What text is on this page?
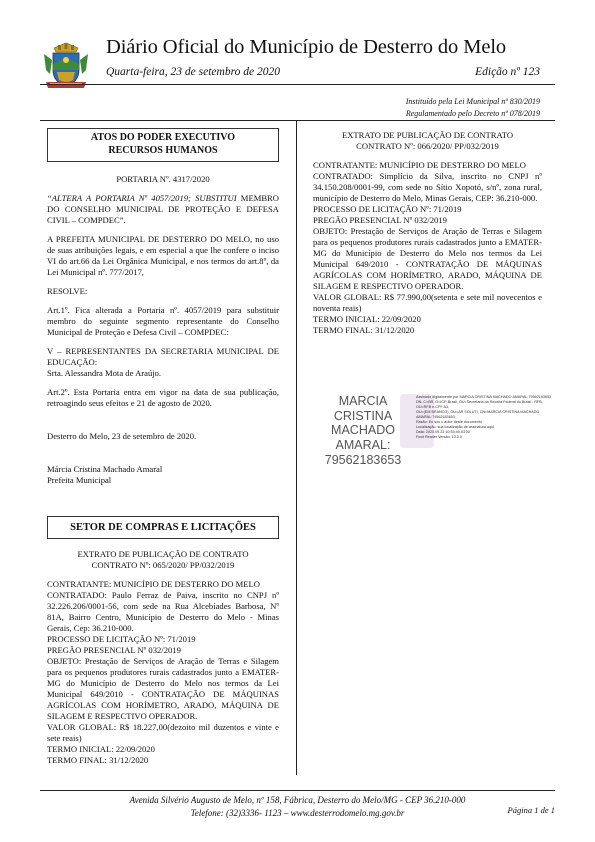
Diário Oficial do Município de Desterro do Melo
Quarta-feira, 23 de setembro de 2020	Edição nº 123
Instituído pela Lei Municipal nº 830/2019
Regulamentado pelo Decreto nº 078/2019
ATOS DO PODER EXECUTIVO
RECURSOS HUMANOS

PORTARIA Nº. 4317/2020

“ALTERA A PORTARIA Nº 4057/2019; SUBSTITUI MEMBRO DO CONSELHO MUNICIPAL DE PROTEÇÃO E DEFESA CIVIL – COMPDEC”.

A PREFEITA MUNICIPAL DE DESTERRO DO MELO, no uso de suas atribuições legais, e em especial a que lhe confere o inciso VI do art.66 da Lei Orgânica Municipal, e nos termos do art.8º, da Lei Municipal nº. 777/2017,

RESOLVE:

Art.1º. Fica alterada a Portaria nº. 4057/2019 para substituir membro do seguinte segmento representante do Conselho Municipal de Proteção e Defesa Civil – COMPDEC:

V – REPRESENTANTES DA SECRETARIA MUNICIPAL DE EDUCAÇÃO:

Srta. Alessandra Mota de Araújo.

Art.2º. Esta Portaria entra em vigor na data de sua publicação, retroagindo seus efeitos e 21 de agosto de 2020.

Desterro do Melo, 23 de setembro de 2020.

Márcia Cristina Machado Amaral

Prefeita Municipal

SETOR DE COMPRAS E LICITAÇÕES

EXTRATO DE PUBLICAÇÃO DE CONTRATO

CONTRATO Nº: 065/2020/ PP/032/2019

CONTRATANTE: MUNICÍPIO DE DESTERRO DO MELO

CONTRATADO: Paulo Ferraz de Paiva, inscrito no CNPJ nº 32.226.206/0001-56, com sede na Rua Alcebíades Barbosa, Nº 81A, Bairro Centro, Município de Desterro do Melo - Minas Gerais, Cep: 36.210-000.

PROCESSO DE LICITAÇÃO Nº: 71/2019

PREGÃO PRESENCIAL Nº 032/2019

OBJETO: Prestação de Serviços de Aração de Terras e Silagem para os pequenos produtores rurais cadastrados junto a EMATER-MG do Município de Desterro do Melo nos termos da Lei Municipal 649/2010 - CONTRATAÇÃO DE MÁQUINAS AGRÍCOLAS COM HORÍMETRO, ARADO, MÁQUINA DE SILAGEM E RESPECTIVO OPERADOR.

VALOR GLOBAL: R$ 18.227,00(dezoito mil duzentos e vinte e sete reais)

TERMO INICIAL: 22/09/2020

TERMO FINAL: 31/12/2020

EXTRATO DE PUBLICAÇÃO DE CONTRATO

CONTRATO Nº: 066/2020/ PP/032/2019

CONTRATANTE: MUNICÍPIO DE DESTERRO DO MELO

CONTRATADO: Simplício da Silva, inscrito no CNPJ nº 34.150.208/0001-99, com sede no Sítio Xopotó, s/nº, zona rural, município de Desterro do Melo, Minas Gerais, CEP: 36.210-000.

PROCESSO DE LICITAÇÃO Nº: 71/2019

PREGÃO PRESENCIAL Nº 032/2019

OBJETO: Prestação de Serviços de Aração de Terras e Silagem para os pequenos produtores rurais cadastrados junto a EMATER-MG do Município de Desterro do Melo nos termos da Lei Municipal 649/2010 - CONTRATAÇÃO DE MÁQUINAS AGRÍCOLAS COM HORÍMETRO, ARADO, MÁQUINA DE SILAGEM E RESPECTIVO OPERADOR.

VALOR GLOBAL: R$ 77.990,00(setenta e sete mil novecentos e noventa reais)

TERMO INICIAL: 22/09/2020

TERMO FINAL: 31/12/2020

MARCIA CRISTINA
MACHADO
AMARAL:
79562183653
Assinado digitalmente por MARCIA CRISTINA MACHADO AMARAL:79562183653
DN: C=BR, O=ICP-Brasil, OU=Secretaria da Receita Federal do Brasil - RFB, OU=RFB e-CPF A3,
OU=(EM BRANCO), OU=AR SOLUTI, CN=MARCIA CRISTINA MACHADO AMARAL:79562183653
Razão: Eu sou o autor deste documento
Localização: sua localização de assinatura aqui
Data: 2020.09.23 10:53:49-03'00'
Foxit Reader Versão: 10.0.0
Avenida Silvério Augusto de Melo, nº 158, Fábrica, Desterro do Melo/MG - CEP 36.210-000
Telefone: (32)3336- 1123 – www.desterrodomelo.mg.gov.br	Página 1 de 1
